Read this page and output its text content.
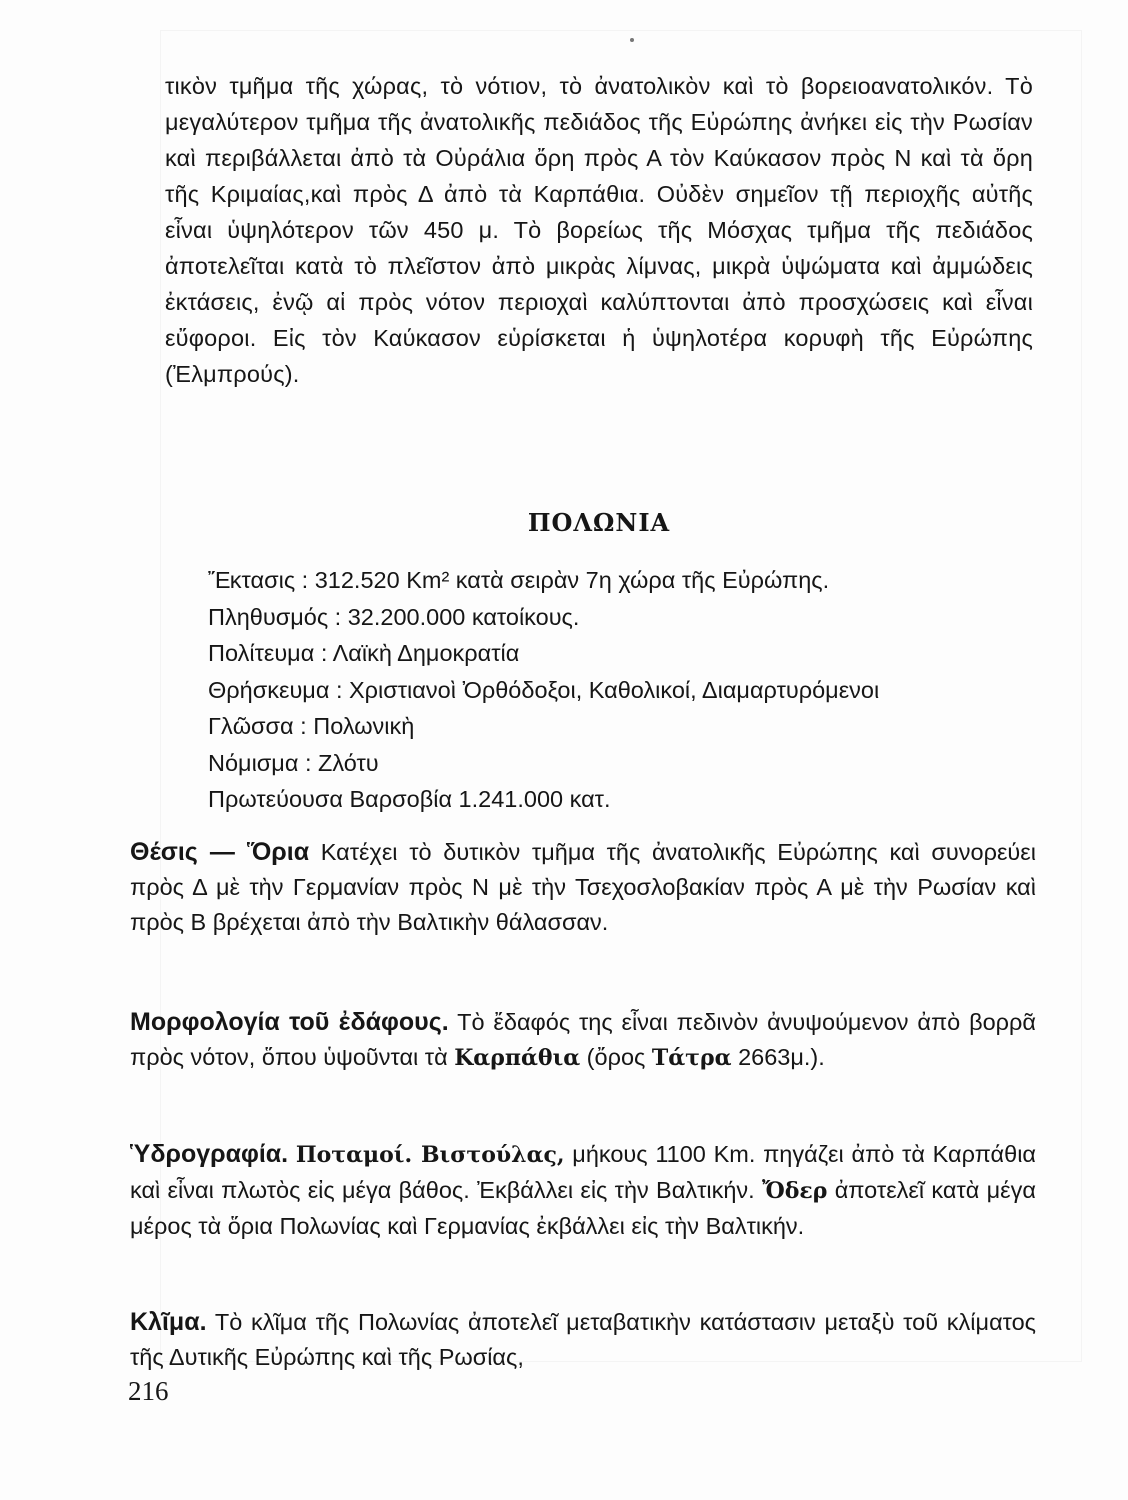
τικὸν τμῆμα τῆς χώρας, τὸ νότιον, τὸ ἀνατολικὸν καὶ τὸ βορειοανατολικόν. Τὸ μεγαλύτερον τμῆμα τῆς ἀνατολικῆς πεδιάδος τῆς Εὐρώπης ἀνήκει εἰς τὴν Ρωσίαν καὶ περιβάλλεται ἀπὸ τὰ Οὐράλια ὄρη πρὸς Α τὸν Καύκασον πρὸς Ν καὶ τὰ ὄρη τῆς Κριμαίας,καὶ πρὸς Δ ἀπὸ τὰ Καρπάθια. Οὐδὲν σημεῖον τῇ περιοχῆς αὐτῆς εἶναι ὑψηλότερον τῶν 450 μ. Τὸ βορείως τῆς Μόσχας τμῆμα τῆς πεδιάδος ἀποτελεῖται κατὰ τὸ πλεῖστον ἀπὸ μικρὰς λίμνας, μικρὰ ὑψώματα καὶ ἀμμώδεις ἐκτάσεις, ἐνῷ αἱ πρὸς νότον περιοχαὶ καλύπτονται ἀπὸ προσχώσεις καὶ εἶναι εὔφοροι. Εἰς τὸν Καύκασον εὑρίσκεται ἡ ὑψηλοτέρα κορυφὴ τῆς Εὐρώπης (Ἐλμπρούς).

ΠΟΛΩΝΙΑ
Ἔκτασις : 312.520 Km² κατὰ σειρὰν 7η χώρα τῆς Εὐρώπης.
Πληθυσμός : 32.200.000 κατοίκους.
Πολίτευμα : Λαϊκὴ Δημοκρατία
Θρήσκευμα : Χριστιανοὶ Ὀρθόδοξοι, Καθολικοί, Διαμαρτυρόμενοι
Γλῶσσα : Πολωνικὴ
Νόμισμα : Ζλότυ
Πρωτεύουσα Βαρσοβία 1.241.000 κατ.

Θέσις — Ὅρια Κατέχει τὸ δυτικὸν τμῆμα τῆς ἀνατολικῆς Εὐρώπης καὶ συνορεύει πρὸς Δ μὲ τὴν Γερμανίαν πρὸς Ν μὲ τὴν Τσεχοσλοβακίαν πρὸς Α μὲ τὴν Ρωσίαν καὶ πρὸς Β βρέχεται ἀπὸ τὴν Βαλτικὴν θάλασσαν.

Μορφολογία τοῦ ἐδάφους. Τὸ ἔδαφός της εἶναι πεδινὸν ἀνυψούμενον ἀπὸ βορρᾶ πρὸς νότον, ὅπου ὑψοῦνται τὰ Καρπάθια (ὄρος Τάτρα 2663μ.).

Ὑδρογραφία. Ποταμοί. Βιστούλας, μήκους 1100 Km. πηγάζει ἀπὸ τὰ Καρπάθια καὶ εἶναι πλωτὸς εἰς μέγα βάθος. Ἐκβάλλει εἰς τὴν Βαλτικήν. Ὄδερ ἀποτελεῖ κατὰ μέγα μέρος τὰ ὅρια Πολωνίας καὶ Γερμανίας ἐκβάλλει εἰς τὴν Βαλτικήν.

Κλῖμα. Τὸ κλῖμα τῆς Πολωνίας ἀποτελεῖ μεταβατικὴν κατάστασιν μεταξὺ τοῦ κλίματος τῆς Δυτικῆς Εὐρώπης καὶ τῆς Ρωσίας,

216
